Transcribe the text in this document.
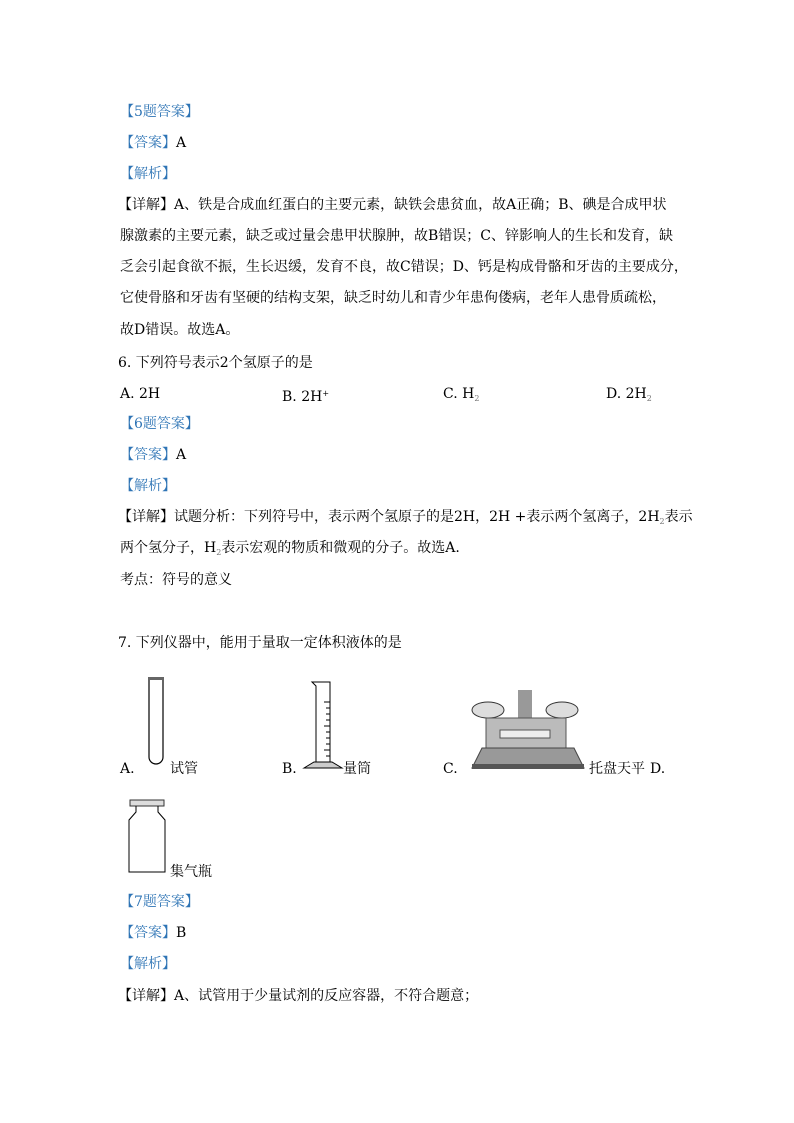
【5题答案】
【答案】A
【解析】
【详解】A、铁是合成血红蛋白的主要元素，缺铁会患贫血，故A正确；B、碘是合成甲状
腺激素的主要元素，缺乏或过量会患甲状腺肿，故B错误；C、锌影响人的生长和发育，缺
乏会引起食欲不振，生长迟缓，发育不良，故C错误；D、钙是构成骨骼和牙齿的主要成分，
它使骨胳和牙齿有坚硬的结构支架，缺乏时幼儿和青少年患佝偻病，老年人患骨质疏松，
故D错误。故选A。
6. 下列符号表示2个氢原子的是
A. 2H	B. 2H+	C. $H_2$	D. $2H_2$
【6题答案】
【答案】A
【解析】
【详解】试题分析：下列符号中，表示两个氢原子的是2H，2H +表示两个氢离子，$2H_2$表示
两个氢分子，$H_2$表示宏观的物质和微观的分子。故选A.
考点：符号的意义
7. 下列仪器中，能用于量取一定体积液体的是
A.	试管	B.	量筒	C.	托盘天平 D.
集气瓶
【7题答案】
【答案】B
【解析】
【详解】A、试管用于少量试剂的反应容器，不符合题意；
